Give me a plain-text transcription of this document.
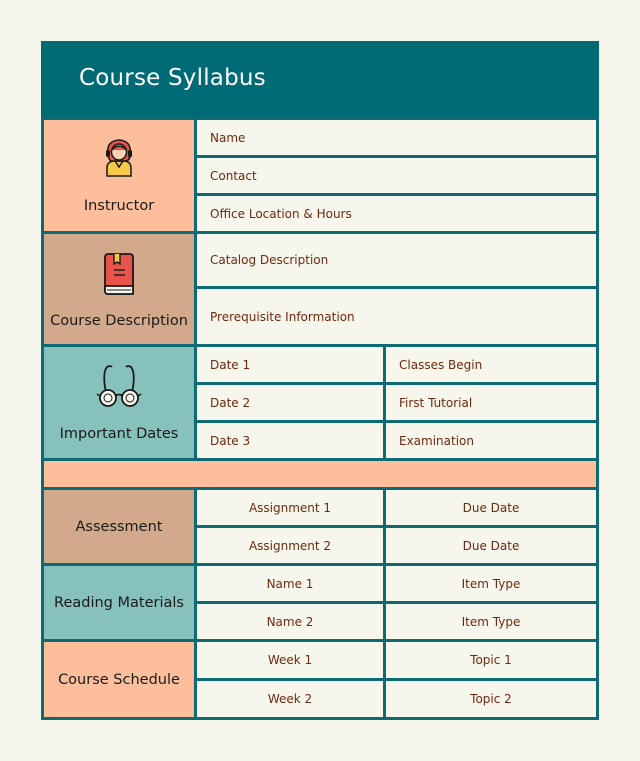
Course Syllabus
Instructor
Name
Contact
Office Location & Hours
Course Description
Catalog Description
Prerequisite Information
Important Dates
Date 1	Classes Begin
Date 2	First Tutorial
Date 3	Examination
Assessment
Assignment 1	Due Date
Assignment 2	Due Date
Reading Materials
Name 1	Item Type
Name 2	Item Type
Course Schedule
Week 1	Topic 1
Week 2	Topic 2
